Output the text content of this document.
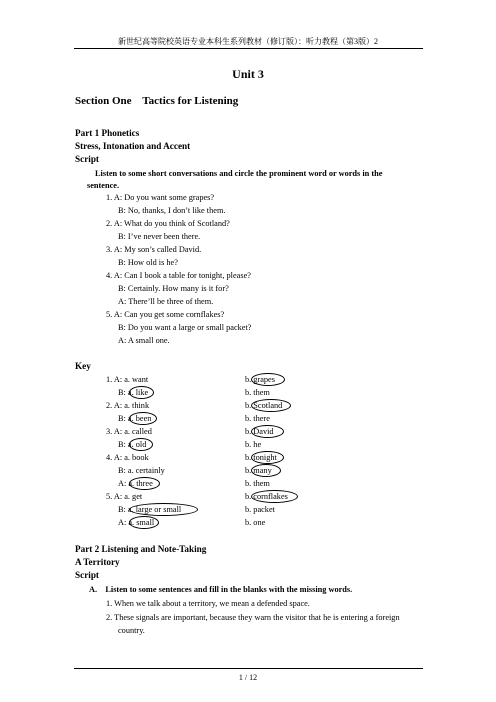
新世纪高等院校英语专业本科生系列教材（修订版）：听力教程（第3版）2
Unit 3
Section One    Tactics for Listening
Part 1 Phonetics
Stress, Intonation and Accent
Script
Listen to some short conversations and circle the prominent word or words in the
sentence.
1. A: Do you want some grapes?
B: No, thanks, I don’t like them.
2. A: What do you think of Scotland?
B: I’ve never been there.
3. A: My son’s called David.
B: How old is he?
4. A: Can I book a table for tonight, please?
B: Certainly. How many is it for?
A: There’ll be three of them.
5. A: Can you get some cornflakes?
B: Do you want a large or small packet?
A: A small one.
Key
1. A: a. want
B: a. like
2. A: a. think
B: a. been
3. A: a. called
B: a. old
4. A: a. book
B: a. certainly
A: a. three
5. A: a. get
B: a. large or small
A: a. small
b. grapes
b. them
b. Scotland
b. there
b. David
b. he
b. tonight
b. many
b. them
b. cornflakes
b. packet
b. one
Part 2 Listening and Note-Taking
A Territory
Script
A.    Listen to some sentences and fill in the blanks with the missing words.
1. When we talk about a territory, we mean a defended space.
2. These signals are important, because they warn the visitor that he is entering a foreign
country.
1 / 12
